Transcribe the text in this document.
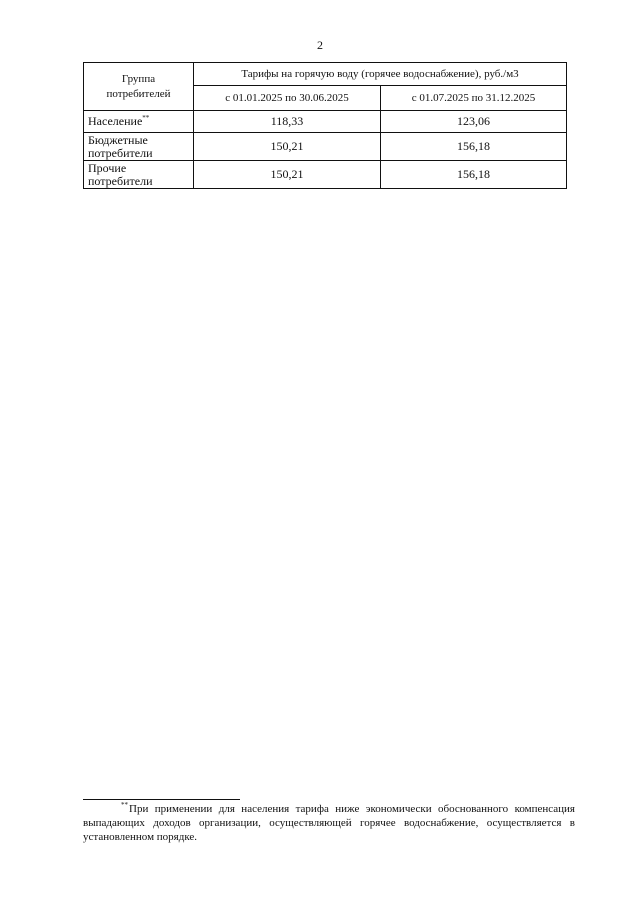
2
Группа потребителей	Тарифы на горячую воду (горячее водоснабжение), руб./м3	
	с 01.01.2025 по 30.06.2025	с 01.07.2025 по 31.12.2025
Население**	118,33	123,06
Бюджетные потребители	150,21	156,18
Прочие потребители	150,21	156,18
**При применении для населения тарифа ниже экономически обоснованного компенсация выпадающих доходов организации, осуществляющей горячее водоснабжение, осуществляется в установленном порядке.
